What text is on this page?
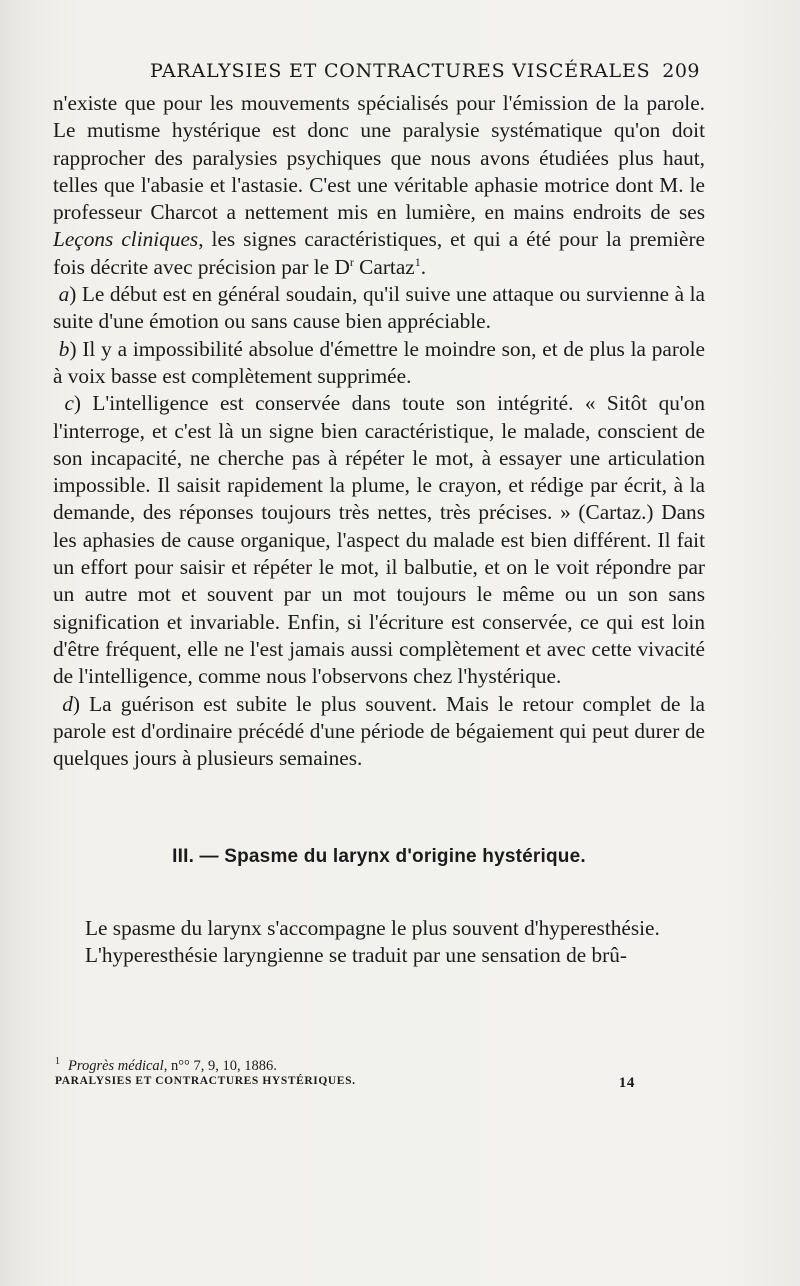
PARALYSIES ET CONTRACTURES VISCÉRALES 209

n'existe que pour les mouvements spécialisés pour l'émission de la parole. Le mutisme hystérique est donc une paralysie systématique qu'on doit rapprocher des paralysies psychiques que nous avons étudiées plus haut, telles que l'abasie et l'astasie. C'est une véritable aphasie motrice dont M. le professeur Charcot a nettement mis en lumière, en mains endroits de ses Leçons cliniques, les signes caractéristiques, et qui a été pour la première fois décrite avec précision par le $D^r$ Cartaz$^1$.

a) Le début est en général soudain, qu'il suive une attaque ou survienne à la suite d'une émotion ou sans cause bien appréciable.

b) Il y a impossibilité absolue d'émettre le moindre son, et de plus la parole à voix basse est complètement supprimée.

c) L'intelligence est conservée dans toute son intégrité. « Sitôt qu'on l'interroge, et c'est là un signe bien caractéristique, le malade, conscient de son incapacité, ne cherche pas à répéter le mot, à essayer une articulation impossible. Il saisit rapidement la plume, le crayon, et rédige par écrit, à la demande, des réponses toujours très nettes, très précises. » (Cartaz.) Dans les aphasies de cause organique, l'aspect du malade est bien différent. Il fait un effort pour saisir et répéter le mot, il balbutie, et on le voit répondre par un autre mot et souvent par un mot toujours le même ou un son sans signification et invariable. Enfin, si l'écriture est conservée, ce qui est loin d'être fréquent, elle ne l'est jamais aussi complètement et avec cette vivacité de l'intelligence, comme nous l'observons chez l'hystérique.

d) La guérison est subite le plus souvent. Mais le retour complet de la parole est d'ordinaire précédé d'une période de bégaiement qui peut durer de quelques jours à plusieurs semaines.

III. — Spasme du larynx d'origine hystérique.

Le spasme du larynx s'accompagne le plus souvent d'hyperesthésie.

L'hyperesthésie laryngienne se traduit par une sensation de brû-

$^1$ Progrès médical, n°° 7, 9, 10, 1886.
PARALYSIES ET CONTRACTURES HYSTÉRIQUES.	14
